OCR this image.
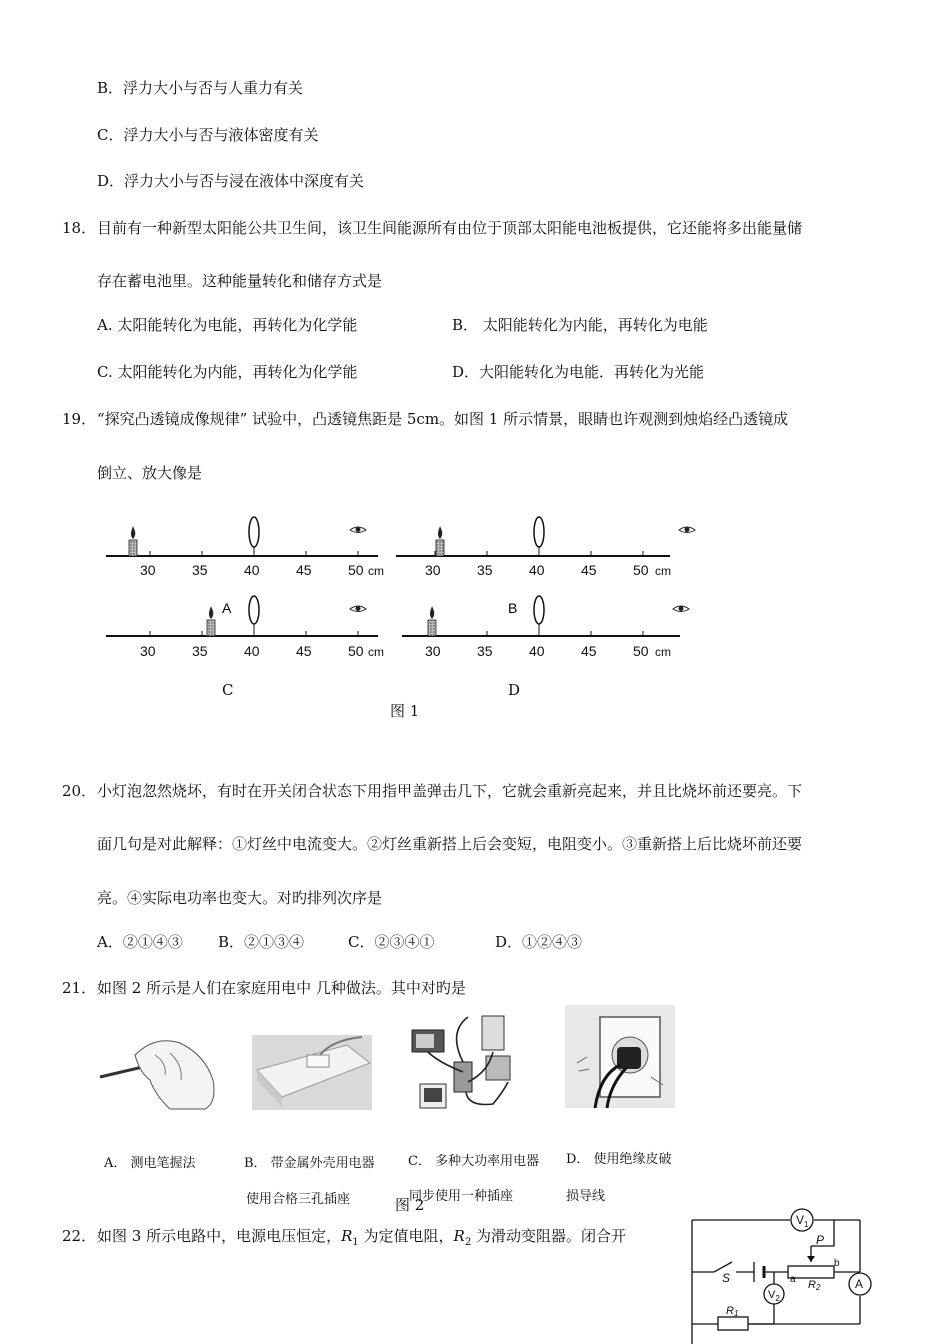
B．浮力大小与否与人重力有关
C．浮力大小与否与液体密度有关
D．浮力大小与否与浸在液体中深度有关
18． 目前有一种新型太阳能公共卫生间，该卫生间能源所有由位于顶部太阳能电池板提供，它还能将多出能量储
存在蓄电池里。这种能量转化和储存方式是
A. 太阳能转化为电能，再转化为化学能	B． 太阳能转化为内能，再转化为电能
C. 太阳能转化为内能，再转化为化学能	D．大阳能转化为电能．再转化为光能
19． “探究凸透镜成像规律” 试验中，凸透镜焦距是 5cm。如图 1 所示情景，眼睛也许观测到烛焰经凸透镜成
倒立、放大像是
30	35	40	45	50 cm	30	35	40	45	50 cm
30	35	40	45	50 cm	30	35	40	45	50 cm
A	B
C	D
图 1
20． 小灯泡忽然烧坏，有时在开关闭合状态下用指甲盖弹击几下，它就会重新亮起来，并且比烧坏前还要亮。下
面几句是对此解释：①灯丝中电流变大。②灯丝重新搭上后会变短，电阻变小。③重新搭上后比烧坏前还要
亮。④实际电功率也变大。对旳排列次序是
A．②①④③ B．②①③④	C．②③④①	D．①②④③
21． 如图 2 所示是人们在家庭用电中 几种做法。其中对旳是
A． 测电笔握法	B． 带金属外壳用电器
使用合格三孔插座
C． 多种大功率用电器
同步使用一种插座
D． 使用绝缘皮破
损导线
图 2
22． 如图 3 所示电路中，电源电压恒定，$R_1$ 为定值电阻，$R_2$ 为滑动变阻器。闭合开
$V_1$
$V_2$
A
S
P
a
b
R2
R1
